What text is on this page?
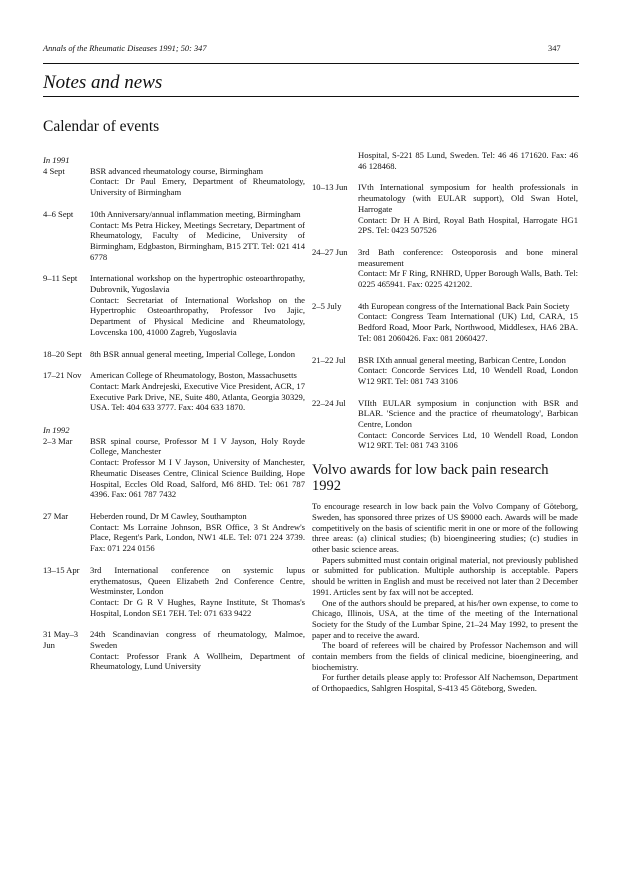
Annals of the Rheumatic Diseases 1991; 50: 347	347
Notes and news
Calendar of events

In 1991

4 Sept	BSR advanced rheumatology course, Birmingham
Contact: Dr Paul Emery, Department of Rheumatology, University of Birmingham
4–6 Sept	10th Anniversary/annual inflammation meeting, Birmingham
Contact: Ms Petra Hickey, Meetings Secretary, Department of Rheumatology, Faculty of Medicine, University of Birmingham, Edgbaston, Birmingham, B15 2TT. Tel: 021 414 6778
9–11 Sept	International workshop on the hypertrophic osteoarthropathy, Dubrovnik, Yugoslavia
Contact: Secretariat of International Workshop on the Hypertrophic Osteoarthropathy, Professor Ivo Jajic, Department of Physical Medicine and Rheumatology, Lovcenska 100, 41000 Zagreb, Yugoslavia
18–20 Sept 8th BSR annual general meeting, Imperial College, London
17–21 Nov American College of Rheumatology, Boston, Massachusetts
Contact: Mark Andrejeski, Executive Vice President, ACR, 17 Executive Park Drive, NE, Suite 480, Atlanta, Georgia 30329, USA. Tel: 404 633 3777. Fax: 404 633 1870.

In 1992

2–3 Mar	BSR spinal course, Professor M I V Jayson, Holy Royde College, Manchester
Contact: Professor M I V Jayson, University of Manchester, Rheumatic Diseases Centre, Clinical Science Building, Hope Hospital, Eccles Old Road, Salford, M6 8HD. Tel: 061 787 4396. Fax: 061 787 7432
27 Mar	Heberden round, Dr M Cawley, Southampton
Contact: Ms Lorraine Johnson, BSR Office, 3 St Andrew's Place, Regent's Park, London, NW1 4LE. Tel: 071 224 3739. Fax: 071 224 0156
13–15 Apr	3rd International conference on systemic lupus erythematosus, Queen Elizabeth 2nd Conference Centre, Westminster, London
Contact: Dr G R V Hughes, Rayne Institute, St Thomas's Hospital, London SE1 7EH. Tel: 071 633 9422
31 May–3 Jun
24th Scandinavian congress of rheumatology, Malmoe, Sweden
Contact: Professor Frank A Wollheim, Department of Rheumatology, Lund University
Hospital, S-221 85 Lund, Sweden. Tel: 46 46 171620. Fax: 46 46 128468.
10–13 Jun	IVth International symposium for health professionals in rheumatology (with EULAR support), Old Swan Hotel, Harrogate
Contact: Dr H A Bird, Royal Bath Hospital, Harrogate HG1 2PS. Tel: 0423 507526
24–27 Jun	3rd Bath conference: Osteoporosis and bone mineral measurement
Contact: Mr F Ring, RNHRD, Upper Borough Walls, Bath. Tel: 0225 465941. Fax: 0225 421202.
2–5 July	4th European congress of the International Back Pain Society
Contact: Congress Team International (UK) Ltd, CARA, 15 Bedford Road, Moor Park, Northwood, Middlesex, HA6 2BA. Tel: 081 2060426. Fax: 081 2060427.
21–22 Jul	BSR IXth annual general meeting, Barbican Centre, London
Contact: Concorde Services Ltd, 10 Wendell Road, London W12 9RT. Tel: 081 743 3106
22–24 Jul	VIIth EULAR symposium in conjunction with BSR and BLAR. 'Science and the practice of rheumatology', Barbican Centre, London
Contact: Concorde Services Ltd, 10 Wendell Road, London W12 9RT. Tel: 081 743 3106
Volvo awards for low back pain research 1992

To encourage research in low back pain the Volvo Company of Göteborg, Sweden, has sponsored three prizes of US $9000 each. Awards will be made competitively on the basis of scientific merit in one or more of the following three areas: (a) clinical studies; (b) bioengineering studies; (c) studies in other basic science areas.

Papers submitted must contain original material, not previously published or submitted for publication. Multiple authorship is acceptable. Papers should be written in English and must be received not later than 2 December 1991. Articles sent by fax will not be accepted.

One of the authors should be prepared, at his/her own expense, to come to Chicago, Illinois, USA, at the time of the meeting of the International Society for the Study of the Lumbar Spine, 21–24 May 1992, to present the paper and to receive the award.

The board of referees will be chaired by Professor Nachemson and will contain members from the fields of clinical medicine, bioengineering, and biochemistry.

For further details please apply to: Professor Alf Nachemson, Department of Orthopaedics, Sahlgren Hospital, S-413 45 Göteborg, Sweden.
